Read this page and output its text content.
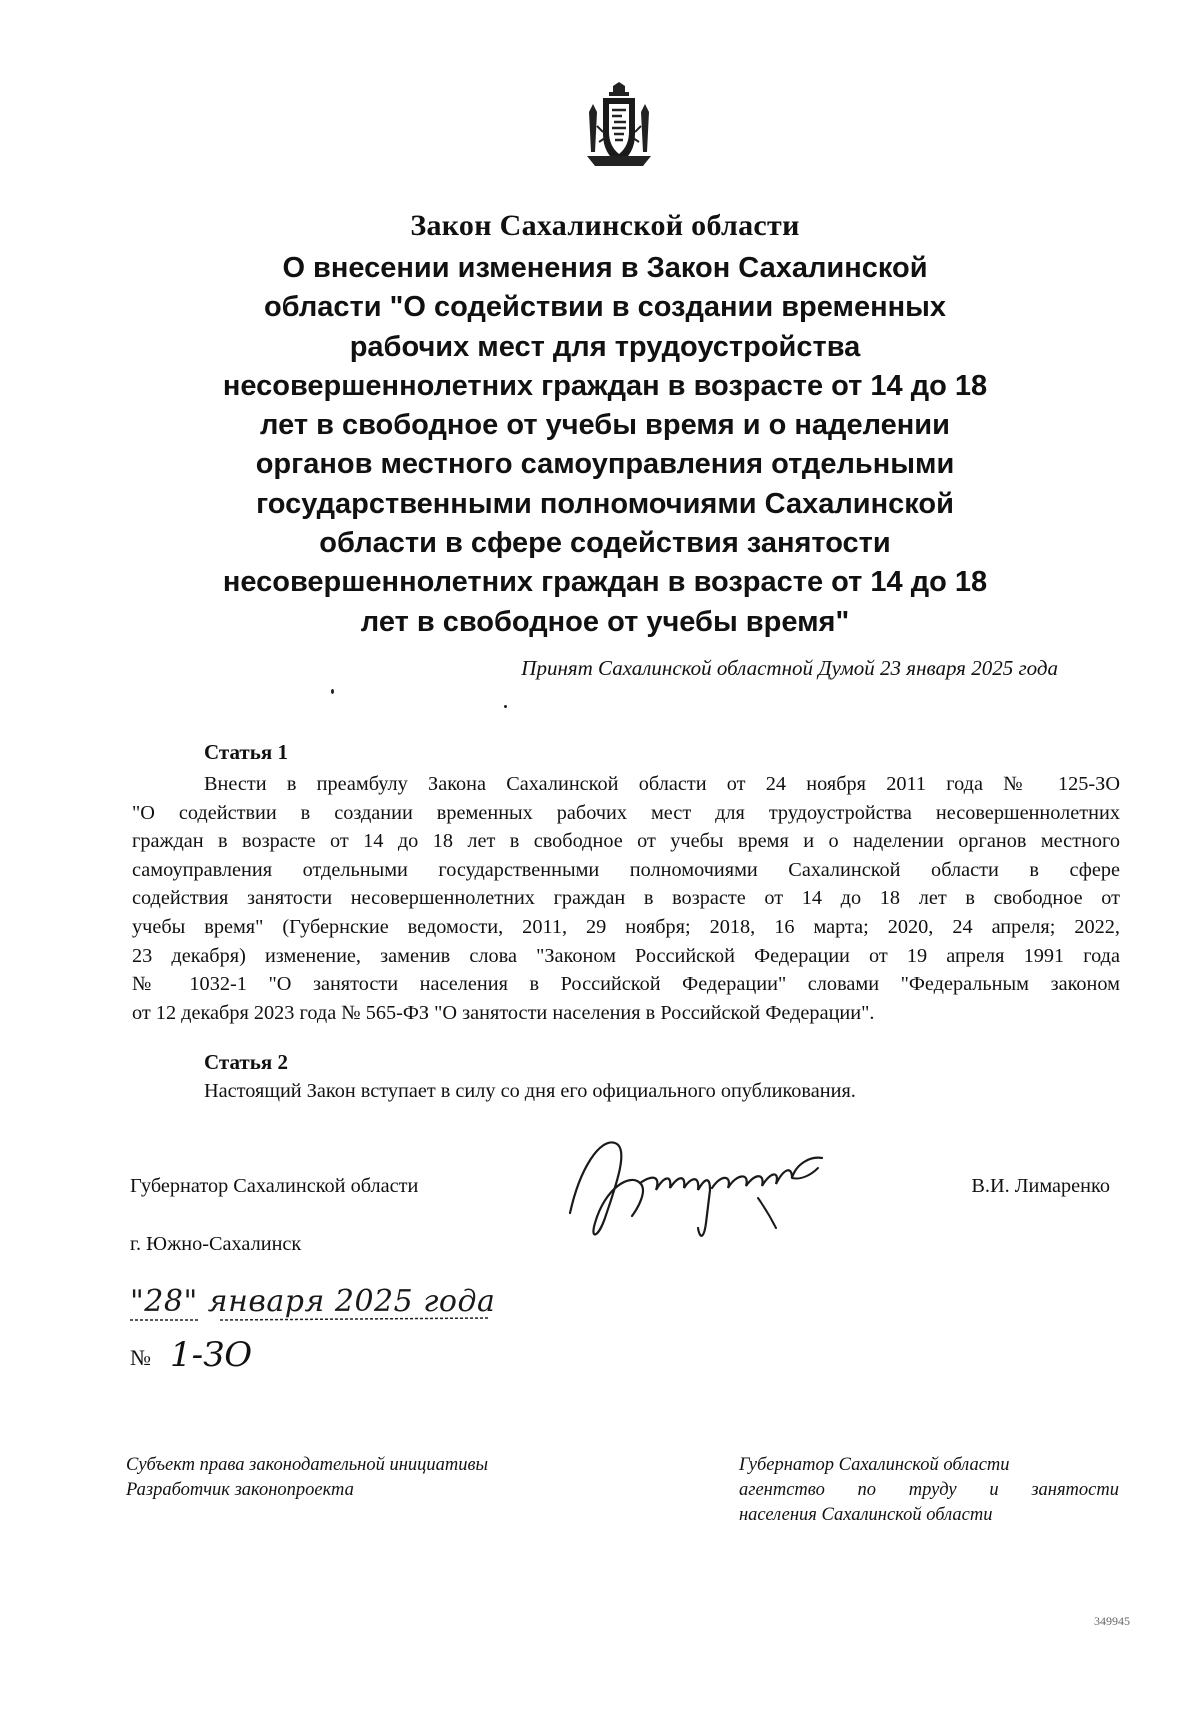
Закон Сахалинской области
О внесении изменения в Закон Сахалинской
области "О содействии в создании временных
рабочих мест для трудоустройства
несовершеннолетних граждан в возрасте от 14 до 18
лет в свободное от учебы время и о наделении
органов местного самоуправления отдельными
государственными полномочиями Сахалинской
области в сфере содействия занятости
несовершеннолетних граждан в возрасте от 14 до 18
лет в свободное от учебы время"
Принят Сахалинской областной Думой 23 января 2025 года
Статья 1
Внести в преамбулу Закона Сахалинской области от 24 ноября 2011 года № 125-ЗО
"О содействии в создании временных рабочих мест для трудоустройства несовершеннолетних
граждан в возрасте от 14 до 18 лет в свободное от учебы время и о наделении органов местного
самоуправления отдельными государственными полномочиями Сахалинской области в сфере
содействия занятости несовершеннолетних граждан в возрасте от 14 до 18 лет в свободное от
учебы время" (Губернские ведомости, 2011, 29 ноября; 2018, 16 марта; 2020, 24 апреля; 2022,
23 декабря) изменение, заменив слова "Законом Российской Федерации от 19 апреля 1991 года
№ 1032-1 "О занятости населения в Российской Федерации" словами "Федеральным законом
от 12 декабря 2023 года № 565-ФЗ "О занятости населения в Российской Федерации".
Статья 2
Настоящий Закон вступает в силу со дня его официального опубликования.
Губернатор Сахалинской области	В.И. Лимаренко
г. Южно-Сахалинск
"28" января 2025 года
№ 1-ЗО
Субъект права законодательной инициативы
Разработчик законопроекта
Губернатор Сахалинской области
агентство по труду и занятости
населения Сахалинской области
349945
